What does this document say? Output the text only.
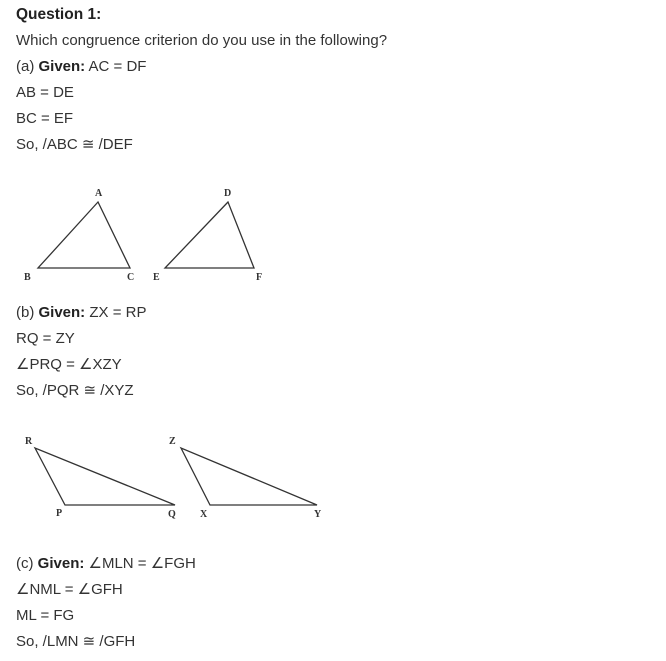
Question 1:
Which congruence criterion do you use in the following?
(a) Given: AC = DF
AB = DE
BC = EF
So, /ABC ≅ /DEF
A
B	C
D
E	F
(b) Given: ZX = RP
RQ = ZY
∠PRQ = ∠XZY
So, /PQR ≅ /XYZ
R
P	Q
Z
X	Y
(c) Given: ∠MLN = ∠FGH
∠NML = ∠GFH
ML = FG
So, /LMN ≅ /GFH
